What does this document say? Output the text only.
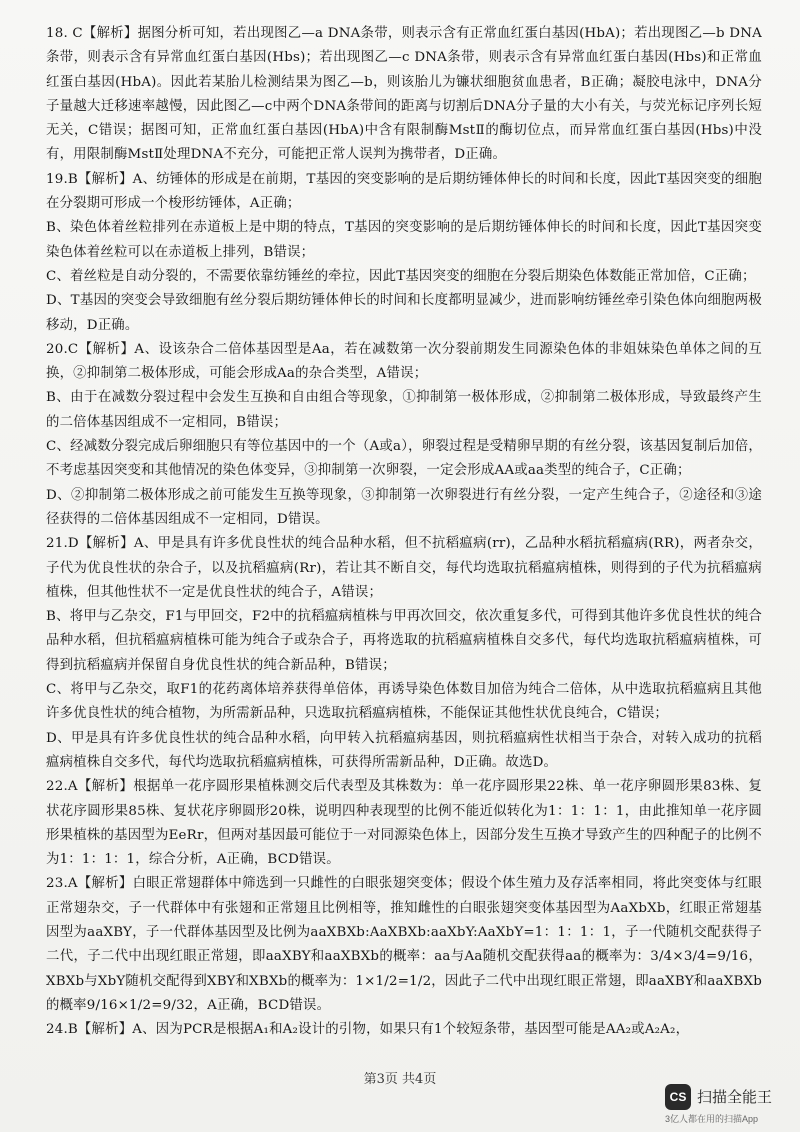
18. C【解析】据图分析可知，若出现图乙—a DNA条带，则表示含有正常血红蛋白基因(HbA)；若出现图乙—b DNA条带，则表示含有异常血红蛋白基因(Hbs)；若出现图乙—c DNA条带，则表示含有异常血红蛋白基因(Hbs)和正常血红蛋白基因(HbA)。因此若某胎儿检测结果为图乙—b，则该胎儿为镰状细胞贫血患者，B正确；凝胶电泳中，DNA分子量越大迁移速率越慢，因此图乙—c中两个DNA条带间的距离与切割后DNA分子量的大小有关，与荧光标记序列长短无关，C错误；据图可知，正常血红蛋白基因(HbA)中含有限制酶MstⅡ的酶切位点，而异常血红蛋白基因(Hbs)中没有，用限制酶MstⅡ处理DNA不充分，可能把正常人误判为携带者，D正确。

19.B【解析】A、纺锤体的形成是在前期，T基因的突变影响的是后期纺锤体伸长的时间和长度，因此T基因突变的细胞在分裂期可形成一个梭形纺锤体，A正确；

B、染色体着丝粒排列在赤道板上是中期的特点，T基因的突变影响的是后期纺锤体伸长的时间和长度，因此T基因突变染色体着丝粒可以在赤道板上排列，B错误；

C、着丝粒是自动分裂的，不需要依靠纺锤丝的牵拉，因此T基因突变的细胞在分裂后期染色体数能正常加倍，C正确；

D、T基因的突变会导致细胞有丝分裂后期纺锤体伸长的时间和长度都明显减少，进而影响纺锤丝牵引染色体向细胞两极移动，D正确。

20.C【解析】A、设该杂合二倍体基因型是Aa，若在减数第一次分裂前期发生同源染色体的非姐妹染色单体之间的互换，②抑制第二极体形成，可能会形成Aa的杂合类型，A错误；

B、由于在减数分裂过程中会发生互换和自由组合等现象，①抑制第一极体形成，②抑制第二极体形成，导致最终产生的二倍体基因组成不一定相同，B错误；

C、经减数分裂完成后卵细胞只有等位基因中的一个（A或a），卵裂过程是受精卵早期的有丝分裂，该基因复制后加倍，不考虑基因突变和其他情况的染色体变异，③抑制第一次卵裂，一定会形成AA或aa类型的纯合子，C正确；

D、②抑制第二极体形成之前可能发生互换等现象，③抑制第一次卵裂进行有丝分裂，一定产生纯合子，②途径和③途径获得的二倍体基因组成不一定相同，D错误。

21.D【解析】A、甲是具有许多优良性状的纯合品种水稻，但不抗稻瘟病(rr)，乙品种水稻抗稻瘟病(RR)，两者杂交，子代为优良性状的杂合子，以及抗稻瘟病(Rr)，若让其不断自交，每代均选取抗稻瘟病植株，则得到的子代为抗稻瘟病植株，但其他性状不一定是优良性状的纯合子，A错误；

B、将甲与乙杂交，F1与甲回交，F2中的抗稻瘟病植株与甲再次回交，依次重复多代，可得到其他许多优良性状的纯合品种水稻，但抗稻瘟病植株可能为纯合子或杂合子，再将选取的抗稻瘟病植株自交多代，每代均选取抗稻瘟病植株，可得到抗稻瘟病并保留自身优良性状的纯合新品种，B错误；

C、将甲与乙杂交，取F1的花药离体培养获得单倍体，再诱导染色体数目加倍为纯合二倍体，从中选取抗稻瘟病且其他许多优良性状的纯合植物，为所需新品种，只选取抗稻瘟病植株，不能保证其他性状优良纯合，C错误；

D、甲是具有许多优良性状的纯合品种水稻，向甲转入抗稻瘟病基因，则抗稻瘟病性状相当于杂合，对转入成功的抗稻瘟病植株自交多代，每代均选取抗稻瘟病植株，可获得所需新品种，D正确。故选D。

22.A【解析】根据单一花序圆形果植株测交后代表型及其株数为：单一花序圆形果22株、单一花序卵圆形果83株、复状花序圆形果85株、复状花序卵圆形20株，说明四种表现型的比例不能近似转化为1：1：1：1，由此推知单一花序圆形果植株的基因型为EeRr，但两对基因最可能位于一对同源染色体上，因部分发生互换才导致产生的四种配子的比例不为1：1：1：1，综合分析，A正确，BCD错误。

23.A【解析】白眼正常翅群体中筛选到一只雌性的白眼张翅突变体；假设个体生殖力及存活率相同，将此突变体与红眼正常翅杂交，子一代群体中有张翅和正常翅且比例相等，推知雌性的白眼张翅突变体基因型为AaXbXb，红眼正常翅基因型为aaXBY，子一代群体基因型及比例为aaXBXb:AaXBXb:aaXbY:AaXbY=1：1：1：1，子一代随机交配获得子二代，子二代中出现红眼正常翅，即aaXBY和aaXBXb的概率：aa与Aa随机交配获得aa的概率为：3/4×3/4=9/16，XBXb与XbY随机交配得到XBY和XBXb的概率为：1×1/2=1/2，因此子二代中出现红眼正常翅，即aaXBY和aaXBXb的概率9/16×1/2=9/32，A正确，BCD错误。

24.B【解析】A、因为PCR是根据A₁和A₂设计的引物，如果只有1个较短条带，基因型可能是AA₂或A₂A₂，

第3页 共4页
CS 扫描全能王
3亿人都在用的扫描App
